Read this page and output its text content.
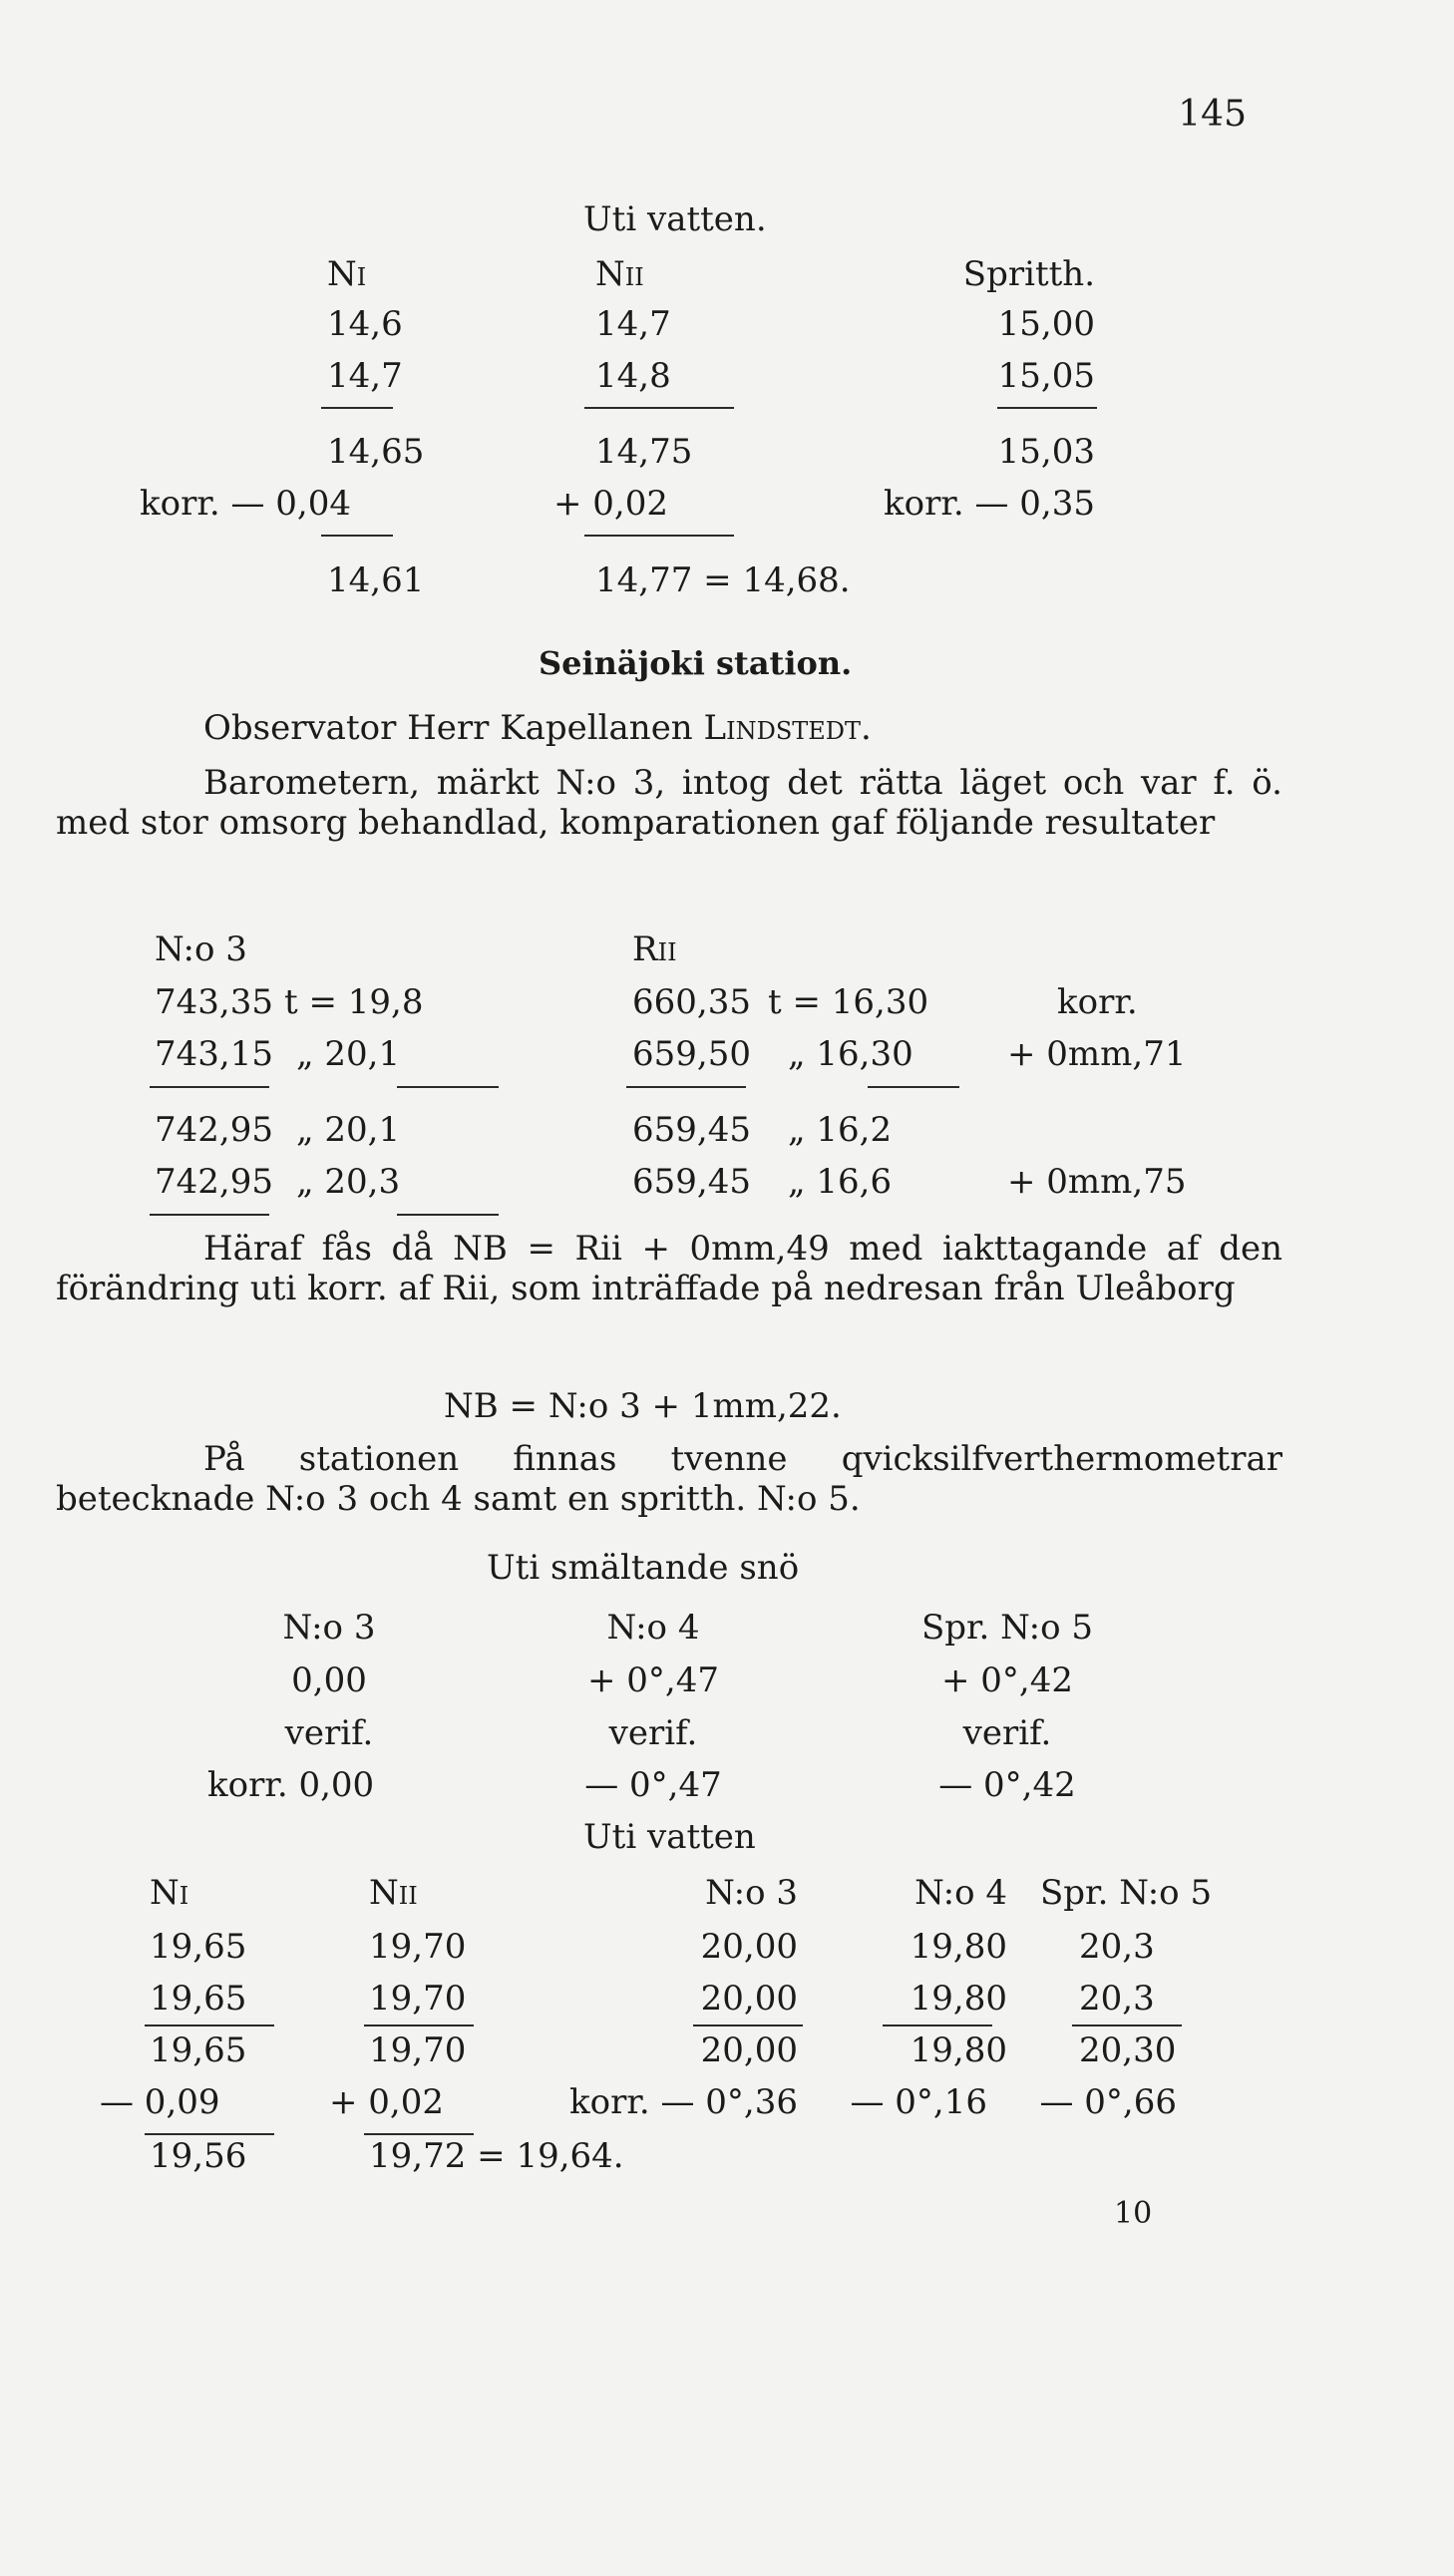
145
Uti vatten.
Ni	Nii	Spritth.
14,6	14,7	15,00
14,7	14,8	15,05
14,65	14,75	15,03
korr. — 0,04	+ 0,02	korr. — 0,35
14,61	14,77 = 14,68.
Seinäjoki station.
Observator Herr Kapellanen Lindstedt.
Barometern, märkt N:o 3, intog det rätta läget och var f. ö. med stor omsorg behandlad, komparationen gaf följande resultater
N:o 3	Rii
743,35 t = 19,8	660,35 t = 16,30	korr.
743,15 „ 20,1	659,50 „ 16,30	+ 0mm,71
742,95 „ 20,1	659,45 „ 16,2
742,95 „ 20,3	659,45 „ 16,6	+ 0mm,75
Häraf fås då NB = Rii + 0mm,49 med iakttagande af den förändring uti korr. af Rii, som inträffade på nedresan från Uleåborg
NB = N:o 3 + 1mm,22.
På stationen finnas tvenne qvicksilfverthermometrar betecknade N:o 3 och 4 samt en spritth. N:o 5.
Uti smältande snö
N:o 3	N:o 4	Spr. N:o 5
0,00	+ 0°,47	+ 0°,42
verif.	verif.	verif.
korr. 0,00	— 0°,47	— 0°,42
Uti vatten
Ni	Nii	N:o 3	N:o 4 Spr. N:o 5
19,65	19,70	20,00	19,80 20,3
19,65	19,70	20,00	19,80 20,3
19,65	19,70	20,00	19,80 20,30
— 0,09	+ 0,02	korr. — 0°,36	— 0°,16	— 0°,66
19,56	19,72 = 19,64.
10
